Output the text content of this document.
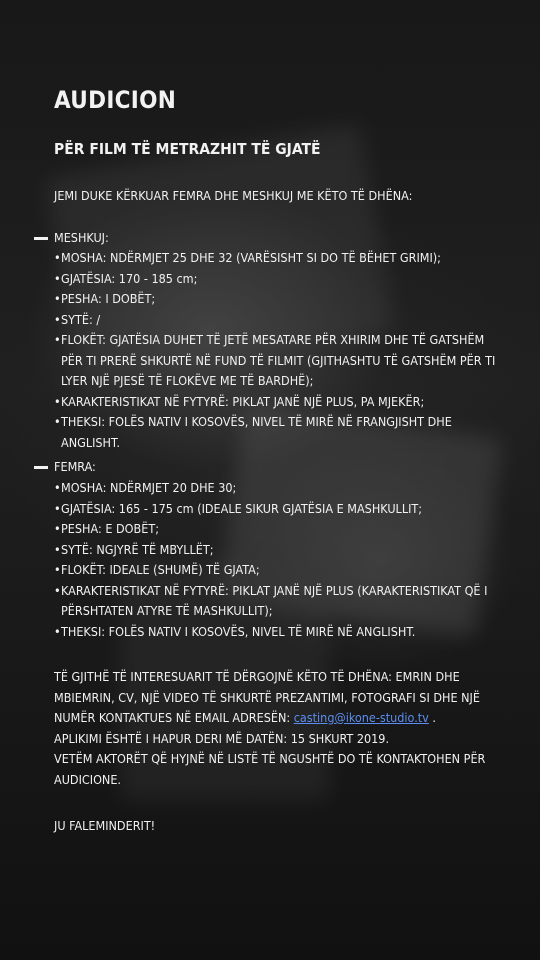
AUDICION
PËR FILM TË METRAZHIT TË GJATË

JEMI DUKE KËRKUAR FEMRA DHE MESHKUJ ME KËTO TË DHËNA:

MESHKUJ:
• MOSHA: NDËRMJET 25 DHE 32 (VARËSISHT SI DO TË BËHET GRIMI);
• GJATËSIA: 170 - 185 cm;
• PESHA: I DOBËT;
• SYTË: /
• FLOKËT: GJATËSIA DUHET TË JETË MESATARE PËR XHIRIM DHE TË GATSHËM PËR TI PRERË SHKURTË NË FUND TË FILMIT (GJITHASHTU TË GATSHËM PËR TI LYER NJË PJESË TË FLOKËVE ME TË BARDHË);
• KARAKTERISTIKAT NË FYTYRË: PIKLAT JANË NJË PLUS, PA MJEKËR;
• THEKSI: FOLËS NATIV I KOSOVËS, NIVEL TË MIRË NË FRANGJISHT DHE ANGLISHT.
FEMRA:
• MOSHA: NDËRMJET 20 DHE 30;
• GJATËSIA: 165 - 175 cm (IDEALE SIKUR GJATËSIA E MASHKULLIT;
• PESHA: E DOBËT;
• SYTË: NGJYRË TË MBYLLËT;
• FLOKËT: IDEALE (SHUMË) TË GJATA;
• KARAKTERISTIKAT NË FYTYRË: PIKLAT JANË NJË PLUS (KARAKTERISTIKAT QË I PËRSHTATEN ATYRE TË MASHKULLIT);
• THEKSI: FOLËS NATIV I KOSOVËS, NIVEL TË MIRË NË ANGLISHT.

TË GJITHË TË INTERESUARIT TË DËRGOJNË KËTO TË DHËNA: EMRIN DHE MBIEMRIN, CV, NJË VIDEO TË SHKURTË PREZANTIMI, FOTOGRAFI SI DHE NJË NUMËR KONTAKTUES NË EMAIL ADRESËN: casting@ikone-studio.tv .

APLIKIMI ËSHTË I HAPUR DERI MË DATËN: 15 SHKURT 2019.

VETËM AKTORËT QË HYJNË NË LISTË TË NGUSHTË DO TË KONTAKTOHEN PËR AUDICIONE.

JU FALEMINDERIT!
